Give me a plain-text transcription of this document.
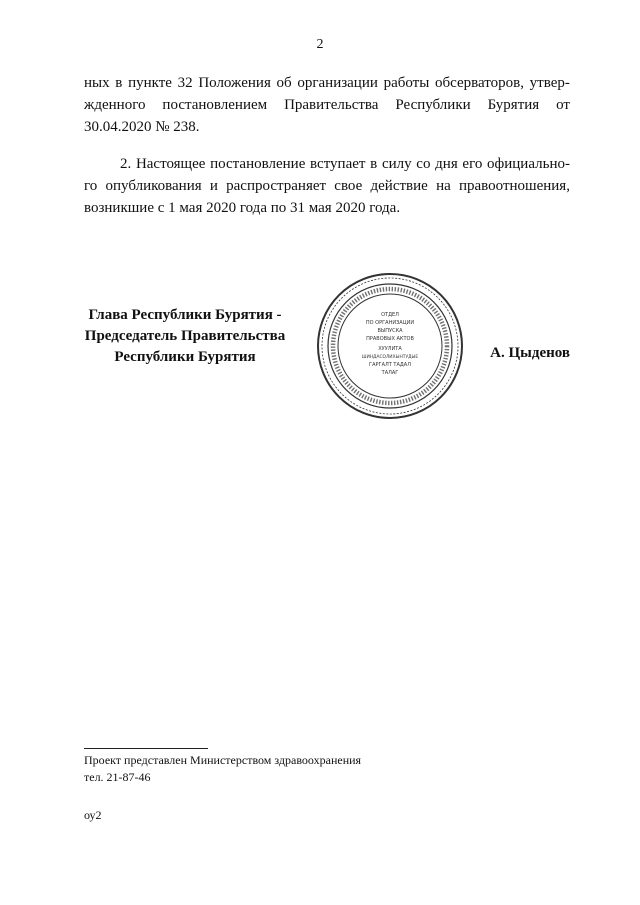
2
ных в пункте 32 Положения об организации работы обсерваторов, утвер-
жденного постановлением Правительства Республики Бурятия от
30.04.2020 № 238.
2. Настоящее постановление вступает в силу со дня его официально-
го опубликования и распространяет свое действие на правоотношения,
возникшие с 1 мая 2020 года по 31 мая 2020 года.
Глава Республики Бурятия -
Председатель Правительства
Республики Бурятия
ОТДЕЛ
ПО ОРГАНИЗАЦИИ
ВЫПУСКА
ПРАВОВЫХ АКТОВ
ХУУЛИТА
ШИНДАСОЛИХЫНТУДЫЕ
ГАРГАЛТ ТАДАЛ
ТАЛАГ
А. Цыденов
Проект представлен Министерством здравоохранения
тел. 21-87-46
оу2
